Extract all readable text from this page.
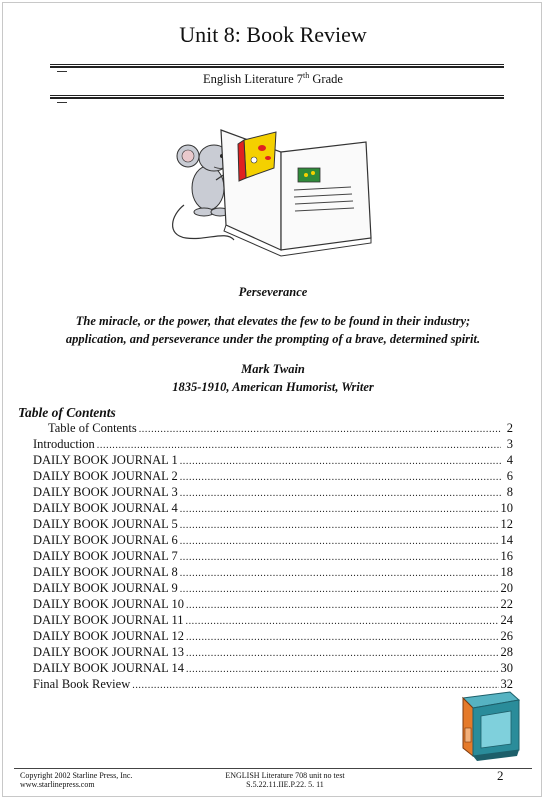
Unit 8: Book Review
English Literature 7th Grade
Perseverance
The miracle, or the power, that elevates the few to be found in their industry;
application, and perseverance under the prompting of a brave, determined spirit.
Mark Twain
1835-1910, American Humorist, Writer
Table of Contents
Table of Contents .....	2
Introduction .....	3
DAILY BOOK JOURNAL 1 .....	4
DAILY BOOK JOURNAL 2 .....	6
DAILY BOOK JOURNAL 3 .....	8
DAILY BOOK JOURNAL 4 .....	10
DAILY BOOK JOURNAL 5 .....	12
DAILY BOOK JOURNAL 6 .....	14
DAILY BOOK JOURNAL 7 .....	16
DAILY BOOK JOURNAL 8 .....	18
DAILY BOOK JOURNAL 9 .....	20
DAILY BOOK JOURNAL 10 .....	22
DAILY BOOK JOURNAL 11 .....	24
DAILY BOOK JOURNAL 12 .....	26
DAILY BOOK JOURNAL 13 .....	28
DAILY BOOK JOURNAL 14 .....	30
Final Book Review .....	32
Copyright 2002 Starline Press, Inc.
www.starlinepress.com
ENGLISH Literature 708 unit no test
S.5.22.11.IIE.P.22. 5. 11
2
